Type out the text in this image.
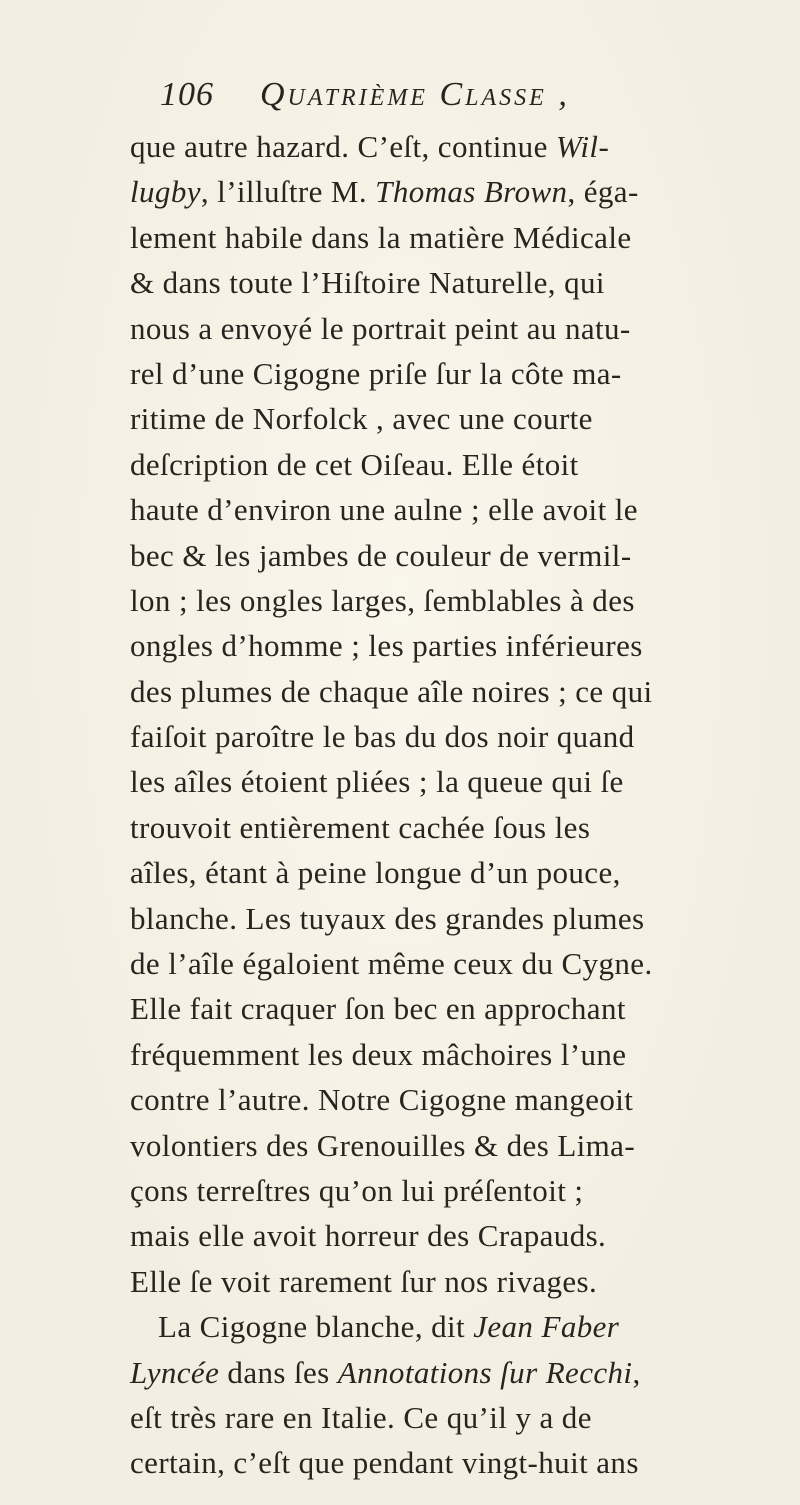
106 Quatrième Classe ,
que autre hazard. C’eſt, continue Wil-
lugby, l’illuſtre M. Thomas Brown, éga-
lement habile dans la matière Médicale
& dans toute l’Hiſtoire Naturelle, qui
nous a envoyé le portrait peint au natu-
rel d’une Cigogne priſe ſur la côte ma-
ritime de Norfolck , avec une courte
deſcription de cet Oiſeau. Elle étoit
haute d’environ une aulne ; elle avoit le
bec & les jambes de couleur de vermil-
lon ; les ongles larges, ſemblables à des
ongles d’homme ; les parties inférieures
des plumes de chaque aîle noires ; ce qui
faiſoit paroître le bas du dos noir quand
les aîles étoient pliées ; la queue qui ſe
trouvoit entièrement cachée ſous les
aîles, étant à peine longue d’un pouce,
blanche. Les tuyaux des grandes plumes
de l’aîle égaloient même ceux du Cygne.
Elle fait craquer ſon bec en approchant
fréquemment les deux mâchoires l’une
contre l’autre. Notre Cigogne mangeoit
volontiers des Grenouilles & des Lima-
çons terreſtres qu’on lui préſentoit ;
mais elle avoit horreur des Crapauds.
Elle ſe voit rarement ſur nos rivages.
La Cigogne blanche, dit Jean Faber
Lyncée dans ſes Annotations ſur Recchi,
eſt très rare en Italie. Ce qu’il y a de
certain, c’eſt que pendant vingt-huit ans
